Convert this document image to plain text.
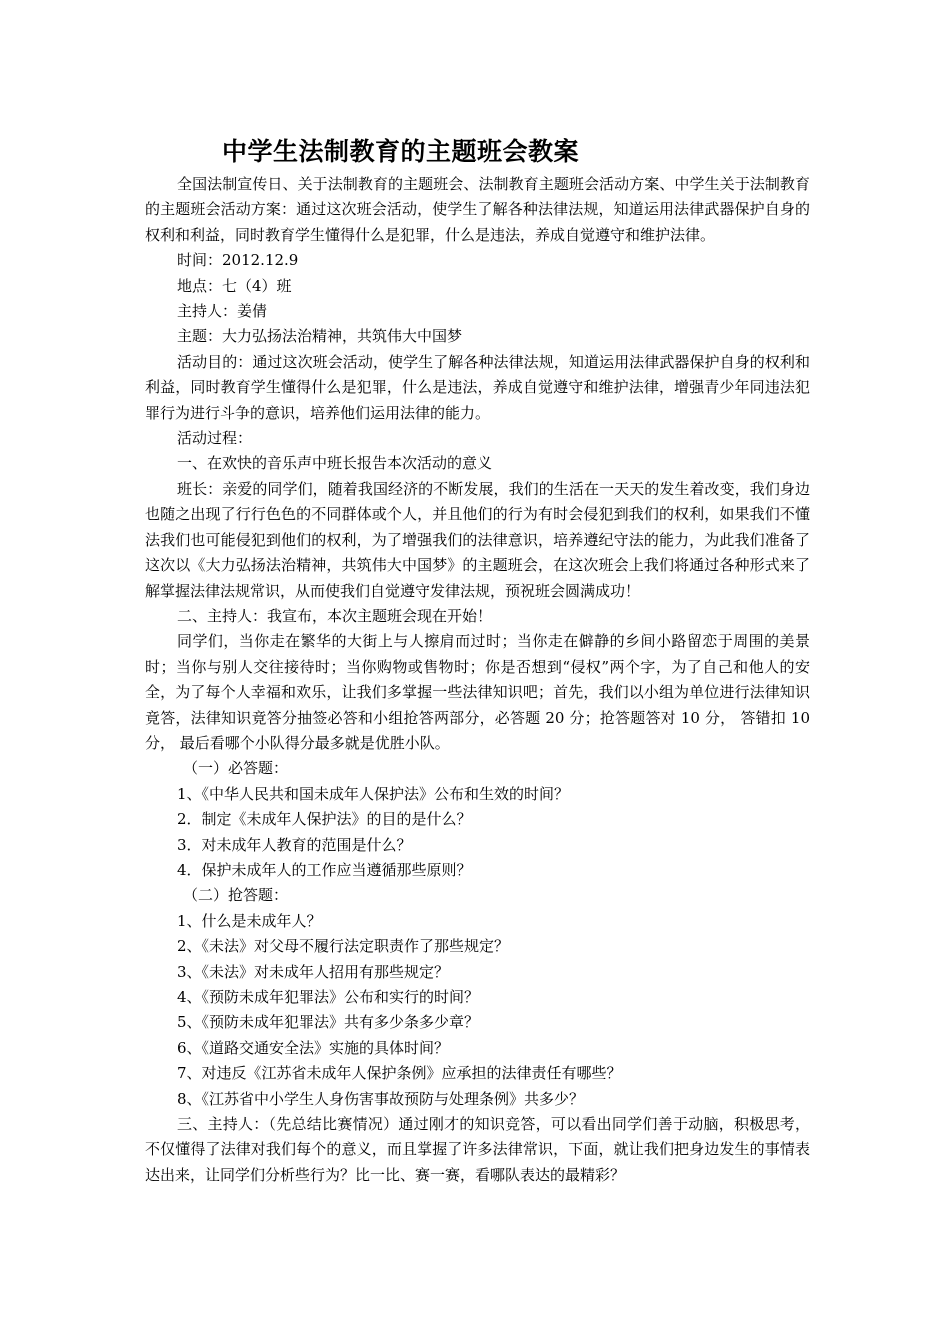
中学生法制教育的主题班会教案

全国法制宣传日、关于法制教育的主题班会、法制教育主题班会活动方案、中学生关于法制教育的主题班会活动方案：通过这次班会活动，使学生了解各种法律法规，知道运用法律武器保护自身的权利和利益，同时教育学生懂得什么是犯罪，什么是违法，养成自觉遵守和维护法律。

时间：2012.12.9

地点：七（4）班

主持人：姜倩

主题：大力弘扬法治精神，共筑伟大中国梦

活动目的：通过这次班会活动，使学生了解各种法律法规，知道运用法律武器保护自身的权利和利益，同时教育学生懂得什么是犯罪，什么是违法，养成自觉遵守和维护法律，增强青少年同违法犯罪行为进行斗争的意识，培养他们运用法律的能力。

活动过程：

一、在欢快的音乐声中班长报告本次活动的意义

班长：亲爱的同学们，随着我国经济的不断发展，我们的生活在一天天的发生着改变，我们身边也随之出现了行行色色的不同群体或个人，并且他们的行为有时会侵犯到我们的权利，如果我们不懂法我们也可能侵犯到他们的权利，为了增强我们的法律意识，培养遵纪守法的能力，为此我们准备了这次以《大力弘扬法治精神，共筑伟大中国梦》的主题班会，在这次班会上我们将通过各种形式来了解掌握法律法规常识，从而使我们自觉遵守发律法规，预祝班会圆满成功！

二、主持人：我宣布，本次主题班会现在开始！

同学们，当你走在繁华的大街上与人擦肩而过时；当你走在僻静的乡间小路留恋于周围的美景时；当你与别人交往接待时；当你购物或售物时；你是否想到“侵权”两个字，为了自己和他人的安全，为了每个人幸福和欢乐，让我们多掌握一些法律知识吧；首先，我们以小组为单位进行法律知识竟答，法律知识竟答分抽签必答和小组抢答两部分，必答题 20 分；抢答题答对 10 分， 答错扣 10 分， 最后看哪个小队得分最多就是优胜小队。

（一）必答题：

1、《中华人民共和国未成年人保护法》公布和生效的时间？

2．制定《未成年人保护法》的目的是什么？

3．对未成年人教育的范围是什么？

4．保护未成年人的工作应当遵循那些原则？

（二）抢答题：

1、什么是未成年人？

2、《未法》对父母不履行法定职责作了那些规定？

3、《未法》对未成年人招用有那些规定？

4、《预防未成年犯罪法》公布和实行的时间？

5、《预防未成年犯罪法》共有多少条多少章？

6、《道路交通安全法》实施的具体时间？

7、对违反《江苏省未成年人保护条例》应承担的法律责任有哪些？

8、《江苏省中小学生人身伤害事故预防与处理条例》共多少？

三、主持人：（先总结比赛情况）通过刚才的知识竞答，可以看出同学们善于动脑，积极思考，不仅懂得了法律对我们每个的意义，而且掌握了许多法律常识，下面，就让我们把身边发生的事情表达出来，让同学们分析些行为？比一比、赛一赛，看哪队表达的最精彩？
